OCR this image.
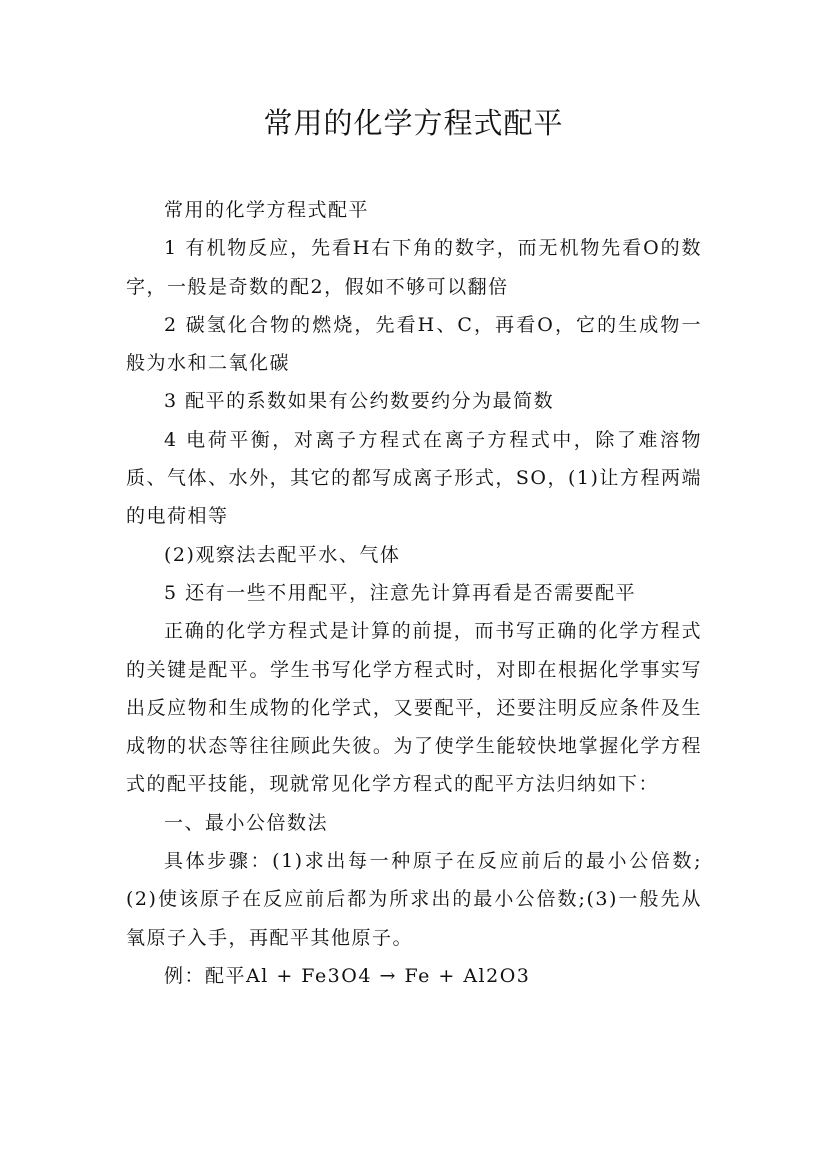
常用的化学方程式配平

常用的化学方程式配平

1 有机物反应，先看H右下角的数字，而无机物先看O的数字，一般是奇数的配2，假如不够可以翻倍

2 碳氢化合物的燃烧，先看H、C，再看O，它的生成物一般为水和二氧化碳

3 配平的系数如果有公约数要约分为最简数

4 电荷平衡，对离子方程式在离子方程式中，除了难溶物质、气体、水外，其它的都写成离子形式，SO，(1)让方程两端的电荷相等

(2)观察法去配平水、气体

5 还有一些不用配平，注意先计算再看是否需要配平

正确的化学方程式是计算的前提，而书写正确的化学方程式的关键是配平。学生书写化学方程式时，对即在根据化学事实写出反应物和生成物的化学式，又要配平，还要注明反应条件及生成物的状态等往往顾此失彼。为了使学生能较快地掌握化学方程式的配平技能，现就常见化学方程式的配平方法归纳如下：

一、最小公倍数法

具体步骤：(1)求出每一种原子在反应前后的最小公倍数;(2)使该原子在反应前后都为所求出的最小公倍数;(3)一般先从氧原子入手，再配平其他原子。

例：配平Al + Fe3O4 → Fe + Al2O3
